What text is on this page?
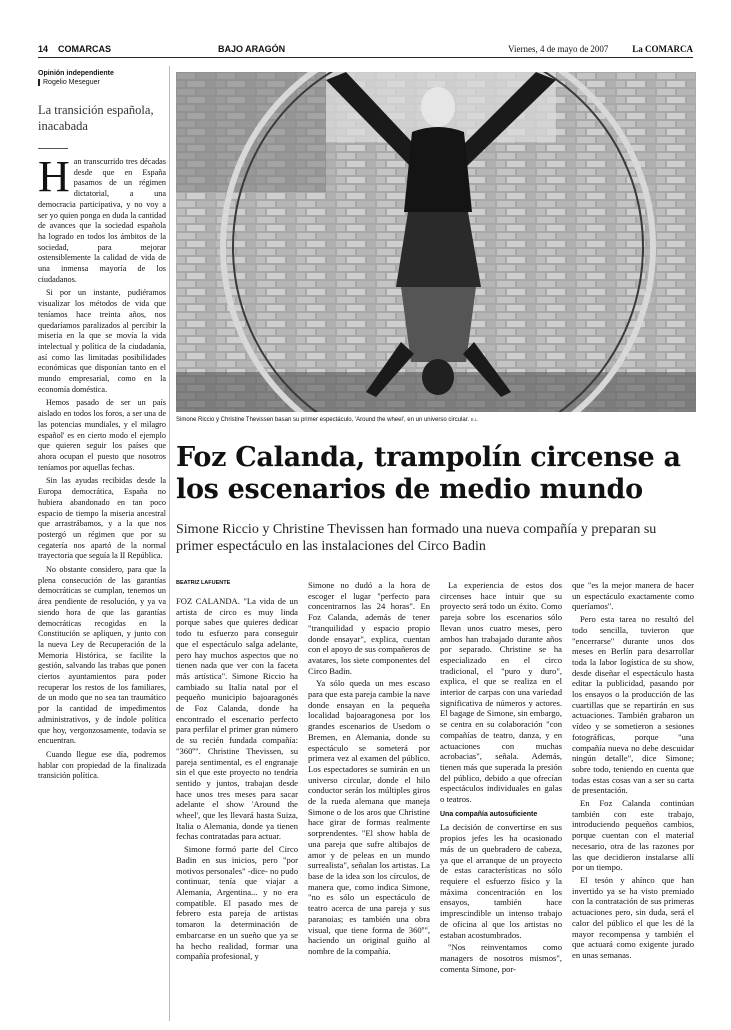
14 COMARCAS	BAJO ARAGÓN	Viernes, 4 de mayo de 2007	La COMARCA
Opinión independiente
Rogelio Meseguer
La transición española, inacabada

Han transcurrido tres décadas desde que en España pasamos de un régimen dictatorial, a una democracia participativa, y no voy a ser yo quien ponga en duda la cantidad de avances que la sociedad española ha logrado en todos los ámbitos de la sociedad, para mejorar ostensiblemente la calidad de vida de una inmensa mayoría de los ciudadanos.

Si por un instante, pudiéramos visualizar los métodos de vida que teníamos hace treinta años, nos quedaríamos paralizados al percibir la miseria en la que se movía la vida intelectual y política de la ciudadanía, así como las limitadas posibilidades económicas que disponían tanto en el mundo empresarial, como en la economía doméstica.

Hemos pasado de ser un país aislado en todos los foros, a ser una de las potencias mundiales, y el milagro español' es en cierto modo el ejemplo que quieren seguir los países que ahora ocupan el puesto que nosotros teníamos por aquellas fechas.

Sin las ayudas recibidas desde la Europa democrática, España no hubiera abandonado en tan poco espacio de tiempo la miseria ancestral que arrastrábamos, y a la que nos postergó un régimen que por su cegatería nos apartó de la normal trayectoria que seguía la II República.

No obstante considero, para que la plena consecución de las garantías democráticas se cumplan, tenemos un área pendiente de resolución, y ya va siendo hora de que las garantías democráticas recogidas en la Constitución se apliquen, y junto con la nueva Ley de Recuperación de la Memoria Histórica, se facilite la gestión, salvando las trabas que ponen ciertos ayuntamientos para poder recuperar los restos de los familiares, de un modo que no sea tan traumático por la cantidad de impedimentos administrativos, y de índole política que hoy, vergonzosamente, todavía se encuentran.

Cuando llegue ese día, podremos hablar con propiedad de la finalizada transición política.

Simone Riccio y Christine Thevissen basan su primer espectáculo, 'Around the wheel', en un universo circular. B.L.
Foz Calanda, trampolín circense a los escenarios de medio mundo
Simone Riccio y Christine Thevissen han formado una nueva compañía y preparan su primer espectáculo en las instalaciones del Circo Badin
BEATRIZ LAFUENTE

FOZ CALANDA. "La vida de un artista de circo es muy linda porque sabes que quieres dedicar todo tu esfuerzo para conseguir que el espectáculo salga adelante, pero hay muchos aspectos que no tienen nada que ver con la faceta más artística". Simone Riccio ha cambiado su Italia natal por el pequeño municipio bajoaragonés de Foz Calanda, donde ha encontrado el escenario perfecto para perfilar el primer gran número de su recién fundada compañía: "360º". Christine Thevissen, su pareja sentimental, es el engranaje sin el que este proyecto no tendría sentido y juntos, trabajan desde hace unos tres meses para sacar adelante el show 'Around the wheel', que les llevará hasta Suiza, Italia o Alemania, donde ya tienen fechas contratadas para actuar.

Simone formó parte del Circo Badin en sus inicios, pero "por motivos personales" -dice- no pudo continuar, tenía que viajar a Alemania, Argentina... y no era compatible. El pasado mes de febrero esta pareja de artistas tomaron la determinación de embarcarse en un sueño que ya se ha hecho realidad, formar una compañía profesional, y

Simone no dudó a la hora de escoger el lugar "perfecto para concentrarnos las 24 horas". En Foz Calanda, además de tener "tranquilidad y espacio propio donde ensayar", explica, cuentan con el apoyo de sus compañeros de avatares, los siete componentes del Circo Badin.

Ya sólo queda un mes escaso para que esta pareja cambie la nave donde ensayan en la pequeña localidad bajoaragonesa por los grandes escenarios de Usedom o Bremen, en Alemania, donde su espectáculo se someterá por primera vez al examen del público. Los espectadores se sumirán en un universo circular, donde el hilo conductor serán los múltiples giros de la rueda alemana que maneja Simone o de los aros que Christine hace girar de formas realmente sorprendentes. "El show habla de una pareja que sufre altibajos de amor y de peleas en un mundo surrealista", señalan los artistas. La base de la idea son los círculos, de manera que, como indica Simone, "no es sólo un espectáculo de teatro acerca de una pareja y sus paranoias; es también una obra visual, que tiene forma de 360º", haciendo un original guiño al nombre de la compañía.

La experiencia de estos dos circenses hace intuir que su proyecto será todo un éxito. Como pareja sobre los escenarios sólo llevan unos cuatro meses, pero ambos han trabajado durante años por separado. Christine se ha especializado en el circo tradicional, el "puro y duro", explica, el que se realiza en el interior de carpas con una variedad significativa de números y actores. El bagage de Simone, sin embargo, se centra en su colaboración "con compañías de teatro, danza, y en actuaciones con muchas acrobacias", señala. Además, tienen más que superada la presión del público, debido a que ofrecían espectáculos individuales en galas o teatros.

Una compañía autosuficiente

La decisión de convertirse en sus propios jefes les ha ocasionado más de un quebradero de cabeza, ya que el arranque de un proyecto de estas características no sólo requiere el esfuerzo físico y la máxima concentración en los ensayos, también hace imprescindible un intenso trabajo de oficina al que los artistas no estaban acostumbrados.

"Nos reinventamos como managers de nosotros mismos", comenta Simone, por-

que "es la mejor manera de hacer un espectáculo exactamente como queríamos".

Pero esta tarea no resultó del todo sencilla, tuvieron que "encerrarse" durante unos dos meses en Berlín para desarrollar toda la labor logística de su show, desde diseñar el espectáculo hasta editar la publicidad, pasando por los ensayos o la producción de las cuartillas que se repartirán en sus actuaciones. También grabaron un vídeo y se sometieron a sesiones fotográficas, porque "una compañía nueva no debe descuidar ningún detalle", dice Simone; sobre todo, teniendo en cuenta que todas estas cosas van a ser su carta de presentación.

En Foz Calanda continúan también con este trabajo, introduciendo pequeños cambios, porque cuentan con el material necesario, otra de las razones por las que decidieron instalarse allí por un tiempo.

El tesón y ahínco que han invertido ya se ha visto premiado con la contratación de sus primeras actuaciones pero, sin duda, será el calor del público el que les dé la mayor recompensa y también el que actuará como exigente jurado en unas semanas.
